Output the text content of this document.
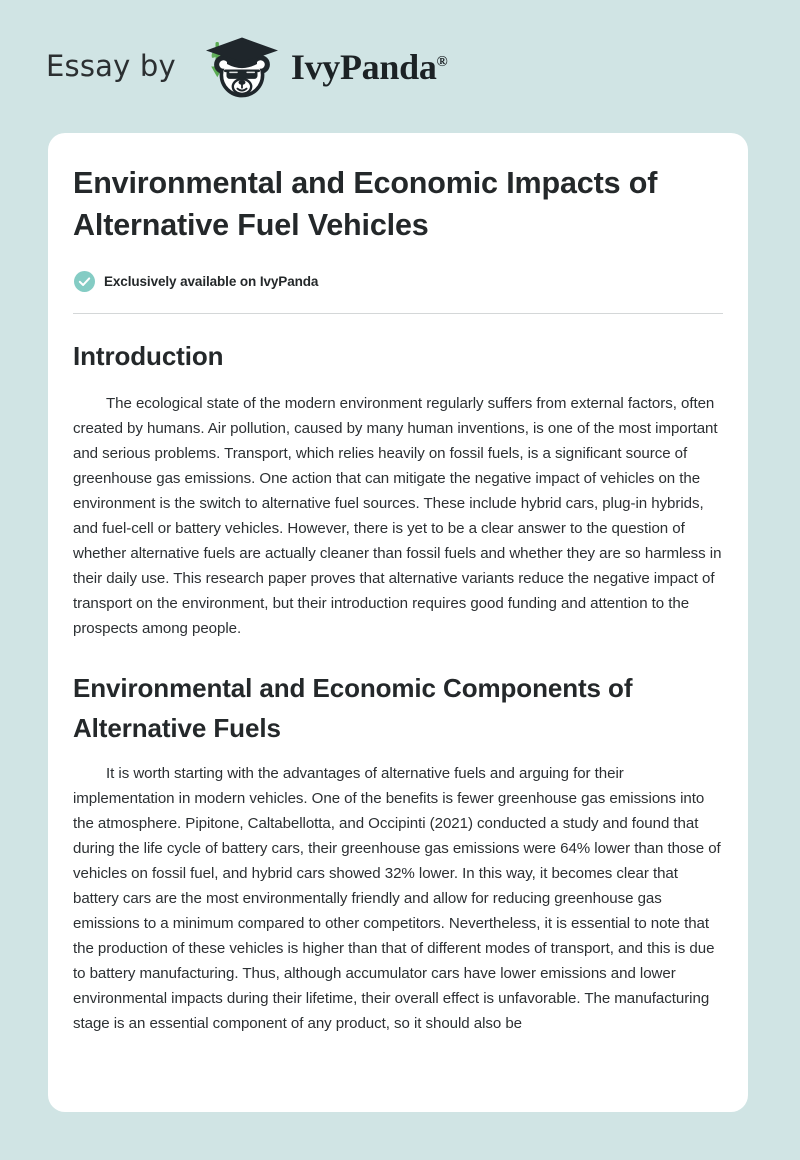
Essay by	IvyPanda®
Environmental and Economic Impacts of Alternative Fuel Vehicles
Exclusively available on IvyPanda
Introduction

The ecological state of the modern environment regularly suffers from external factors, often created by humans. Air pollution, caused by many human inventions, is one of the most important and serious problems. Transport, which relies heavily on fossil fuels, is a significant source of greenhouse gas emissions. One action that can mitigate the negative impact of vehicles on the environment is the switch to alternative fuel sources. These include hybrid cars, plug-in hybrids, and fuel-cell or battery vehicles. However, there is yet to be a clear answer to the question of whether alternative fuels are actually cleaner than fossil fuels and whether they are so harmless in their daily use. This research paper proves that alternative variants reduce the negative impact of transport on the environment, but their introduction requires good funding and attention to the prospects among people.

Environmental and Economic Components of Alternative Fuels

It is worth starting with the advantages of alternative fuels and arguing for their implementation in modern vehicles. One of the benefits is fewer greenhouse gas emissions into the atmosphere. Pipitone, Caltabellotta, and Occipinti (2021) conducted a study and found that during the life cycle of battery cars, their greenhouse gas emissions were 64% lower than those of vehicles on fossil fuel, and hybrid cars showed 32% lower. In this way, it becomes clear that battery cars are the most environmentally friendly and allow for reducing greenhouse gas emissions to a minimum compared to other competitors. Nevertheless, it is essential to note that the production of these vehicles is higher than that of different modes of transport, and this is due to battery manufacturing. Thus, although accumulator cars have lower emissions and lower environmental impacts during their lifetime, their overall effect is unfavorable. The manufacturing stage is an essential component of any product, so it should also be
